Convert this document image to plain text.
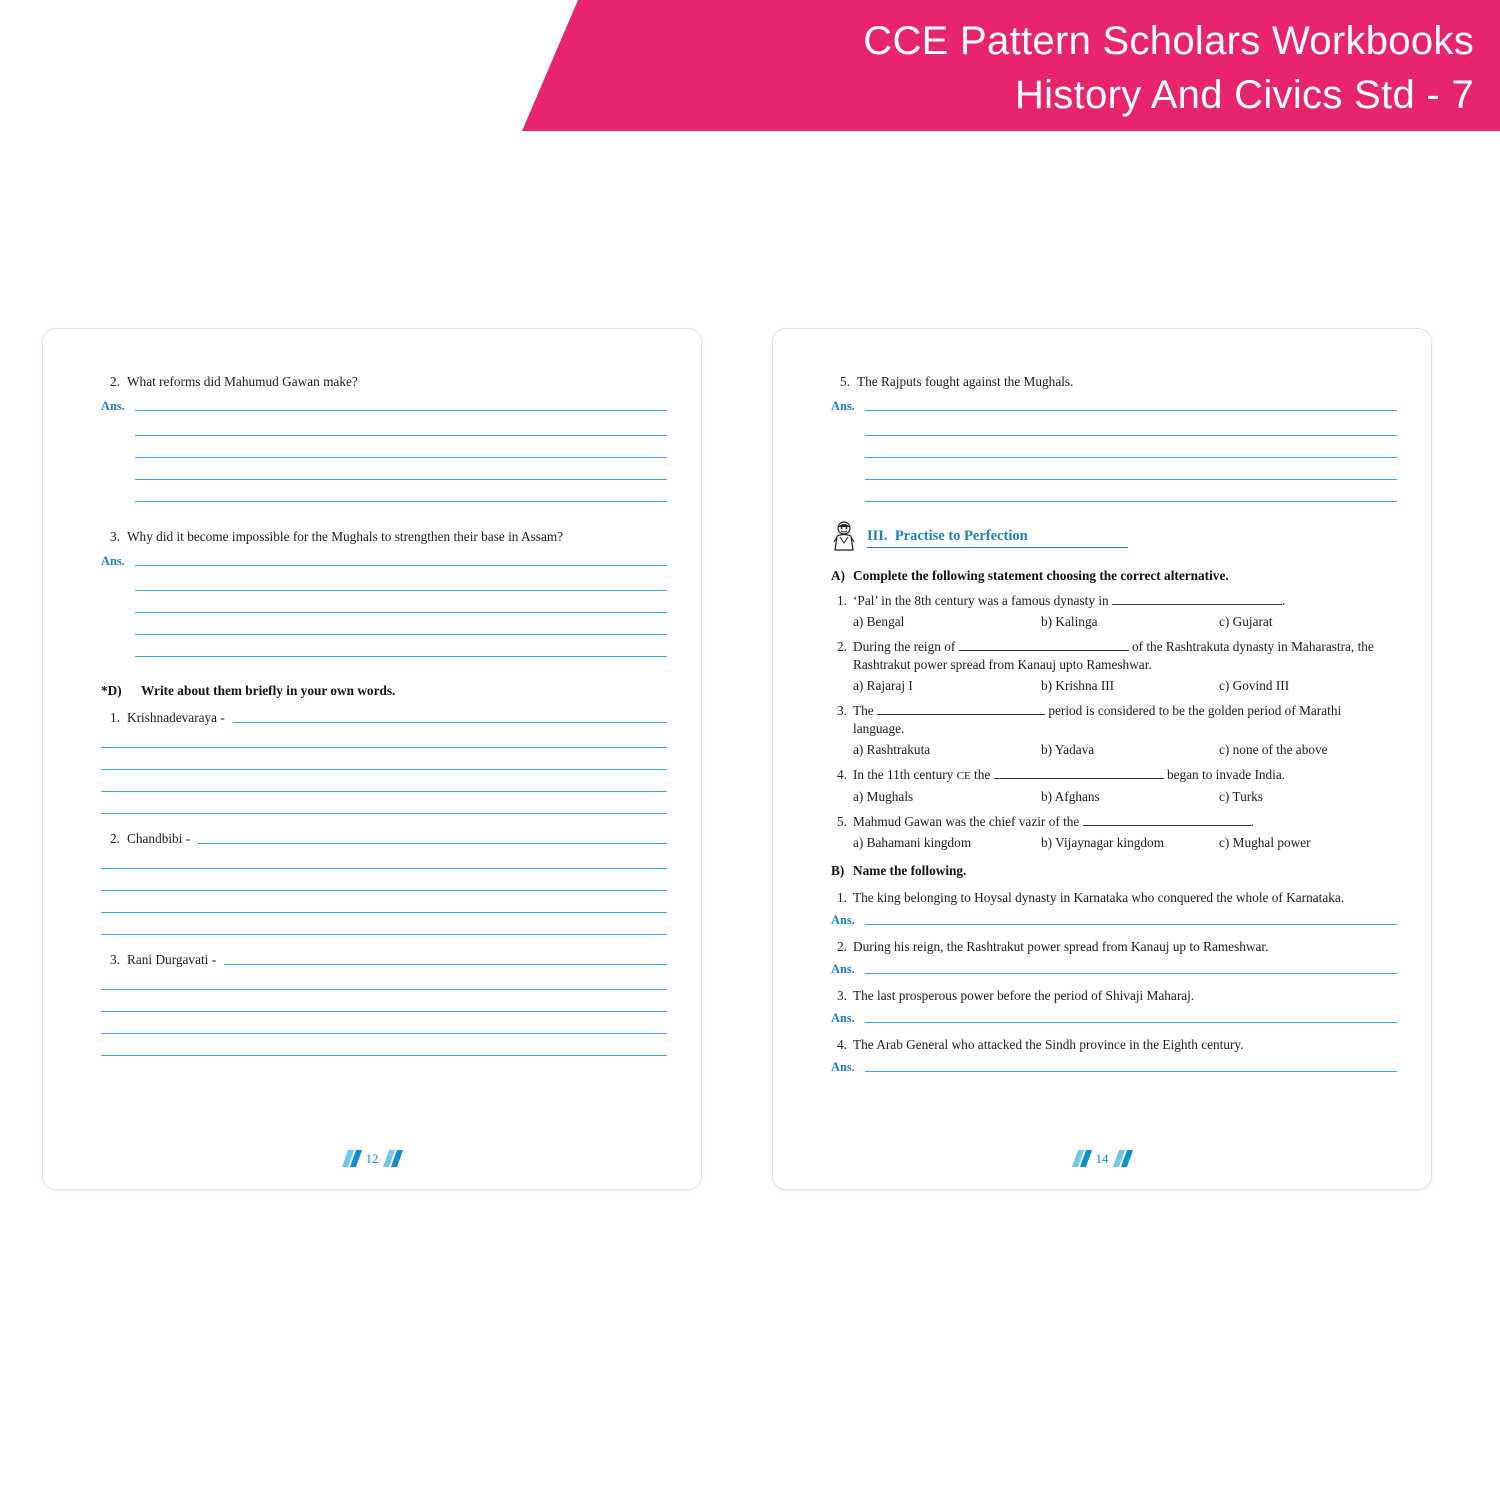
CCE Pattern Scholars Workbooks
History And Civics Std - 7
2. What reforms did Mahumud Gawan make?
Ans.
3. Why did it become impossible for the Mughals to strengthen their base in Assam?
Ans.
*D)	Write about them briefly in your own words.
1. Krishnadevaraya -
2. Chandbibi -
3. Rani Durgavati -
12
5. The Rajputs fought against the Mughals.
Ans.
III. Practise to Perfection
A) Complete the following statement choosing the correct alternative.
1. ‘Pal’ in the 8th century was a famous dynasty in	.
a) Bengal	b) Kalinga	c) Gujarat
2. During the reign of	of the Rashtrakuta dynasty in Maharastra, the
Rashtrakut power spread from Kanauj upto Rameshwar.
a) Rajaraj I	b) Krishna III	c) Govind III
3. The	period is considered to be the golden period of Marathi
language.
a) Rashtrakuta	b) Yadava	c) none of the above
4. In the 11th century CE the	began to invade India.
a) Mughals	b) Afghans	c) Turks
5. Mahmud Gawan was the chief vazir of the	.
a) Bahamani kingdom	b) Vijaynagar kingdom	c) Mughal power
B) Name the following.
1. The king belonging to Hoysal dynasty in Karnataka who conquered the whole of Karnataka.
Ans.
2. During his reign, the Rashtrakut power spread from Kanauj up to Rameshwar.
Ans.
3. The last prosperous power before the period of Shivaji Maharaj.
Ans.
4. The Arab General who attacked the Sindh province in the Eighth century.
Ans.
14
